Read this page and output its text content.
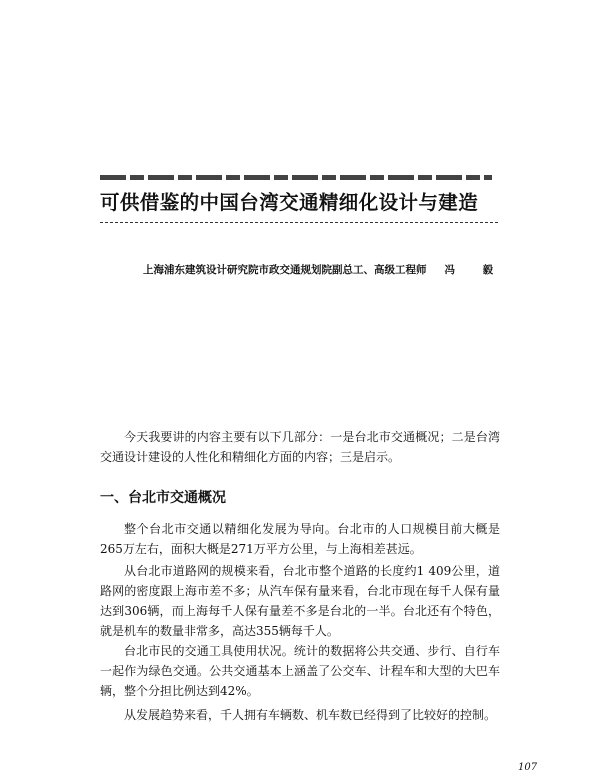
可供借鉴的中国台湾交通精细化设计与建造
上海浦东建筑设计研究院市政交通规划院副总工、高级工程师 冯 毅

今天我要讲的内容主要有以下几部分：一是台北市交通概况；二是台湾交通设计建设的人性化和精细化方面的内容；三是启示。

一、台北市交通概况

整个台北市交通以精细化发展为导向。台北市的人口规模目前大概是265万左右，面积大概是271万平方公里，与上海相差甚远。

从台北市道路网的规模来看，台北市整个道路的长度约1 409公里，道路网的密度跟上海市差不多；从汽车保有量来看，台北市现在每千人保有量达到306辆，而上海每千人保有量差不多是台北的一半。台北还有个特色，就是机车的数量非常多，高达355辆每千人。

台北市民的交通工具使用状况。统计的数据将公共交通、步行、自行车一起作为绿色交通。公共交通基本上涵盖了公交车、计程车和大型的大巴车辆，整个分担比例达到42%。

从发展趋势来看，千人拥有车辆数、机车数已经得到了比较好的控制。

107
